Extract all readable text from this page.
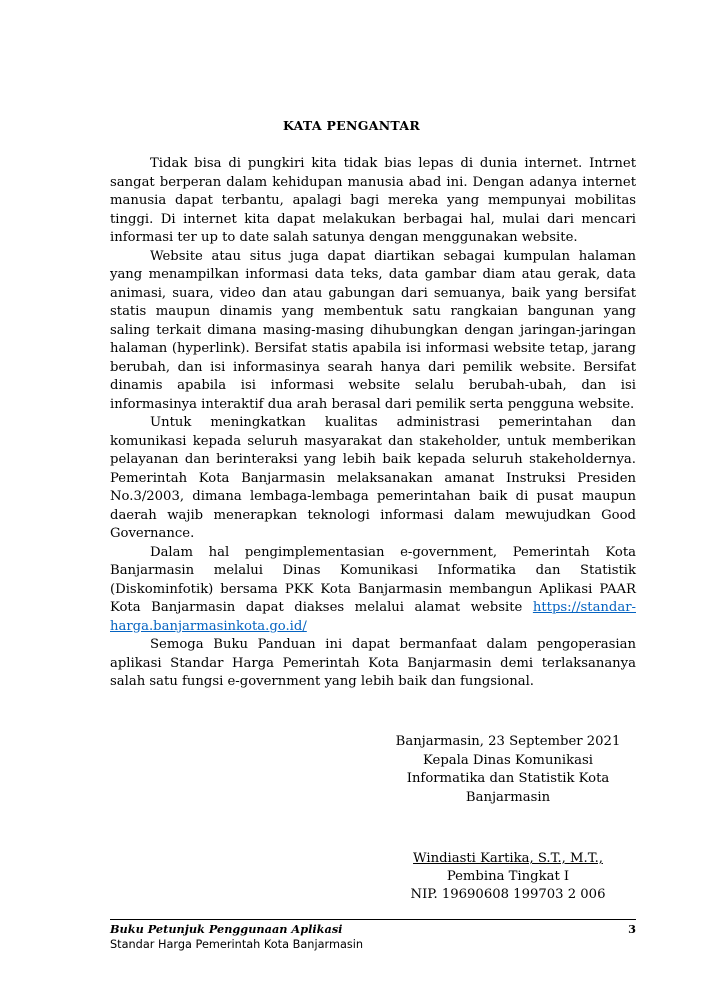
KATA PENGANTAR

Tidak bisa di pungkiri kita tidak bias lepas di dunia internet. Intrnet sangat berperan dalam kehidupan manusia abad ini. Dengan adanya internet manusia dapat terbantu, apalagi bagi mereka yang mempunyai mobilitas tinggi. Di internet kita dapat melakukan berbagai hal, mulai dari mencari informasi ter up to date salah satunya dengan menggunakan website.

Website atau situs juga dapat diartikan sebagai kumpulan halaman yang menampilkan informasi data teks, data gambar diam atau gerak, data animasi, suara, video dan atau gabungan dari semuanya, baik yang bersifat statis maupun dinamis yang membentuk satu rangkaian bangunan yang saling terkait dimana masing-masing dihubungkan dengan jaringan-jaringan halaman (hyperlink). Bersifat statis apabila isi informasi website tetap, jarang berubah, dan isi informasinya searah hanya dari pemilik website. Bersifat dinamis apabila isi informasi website selalu berubah-ubah, dan isi informasinya interaktif dua arah berasal dari pemilik serta pengguna website.

Untuk meningkatkan kualitas administrasi pemerintahan dan komunikasi kepada seluruh masyarakat dan stakeholder, untuk memberikan pelayanan dan berinteraksi yang lebih baik kepada seluruh stakeholdernya. Pemerintah Kota Banjarmasin melaksanakan amanat Instruksi Presiden No.3/2003, dimana lembaga-lembaga pemerintahan baik di pusat maupun daerah wajib menerapkan teknologi informasi dalam mewujudkan Good Governance.

Dalam hal pengimplementasian e-government, Pemerintah Kota Banjarmasin melalui Dinas Komunikasi Informatika dan Statistik (Diskominfotik) bersama PKK Kota Banjarmasin membangun Aplikasi PAAR Kota Banjarmasin dapat diakses melalui alamat website https://standar-harga.banjarmasinkota.go.id/

Semoga Buku Panduan ini dapat bermanfaat dalam pengoperasian aplikasi Standar Harga Pemerintah Kota Banjarmasin demi terlaksananya salah satu fungsi e-government yang lebih baik dan fungsional.

Banjarmasin, 23 September 2021
Kepala Dinas Komunikasi
Informatika dan Statistik Kota
Banjarmasin
Windiasti Kartika, S.T., M.T.,
Pembina Tingkat I
NIP. 19690608 199703 2 006
Buku Petunjuk Penggunaan Aplikasi	3
Standar Harga Pemerintah Kota Banjarmasin
